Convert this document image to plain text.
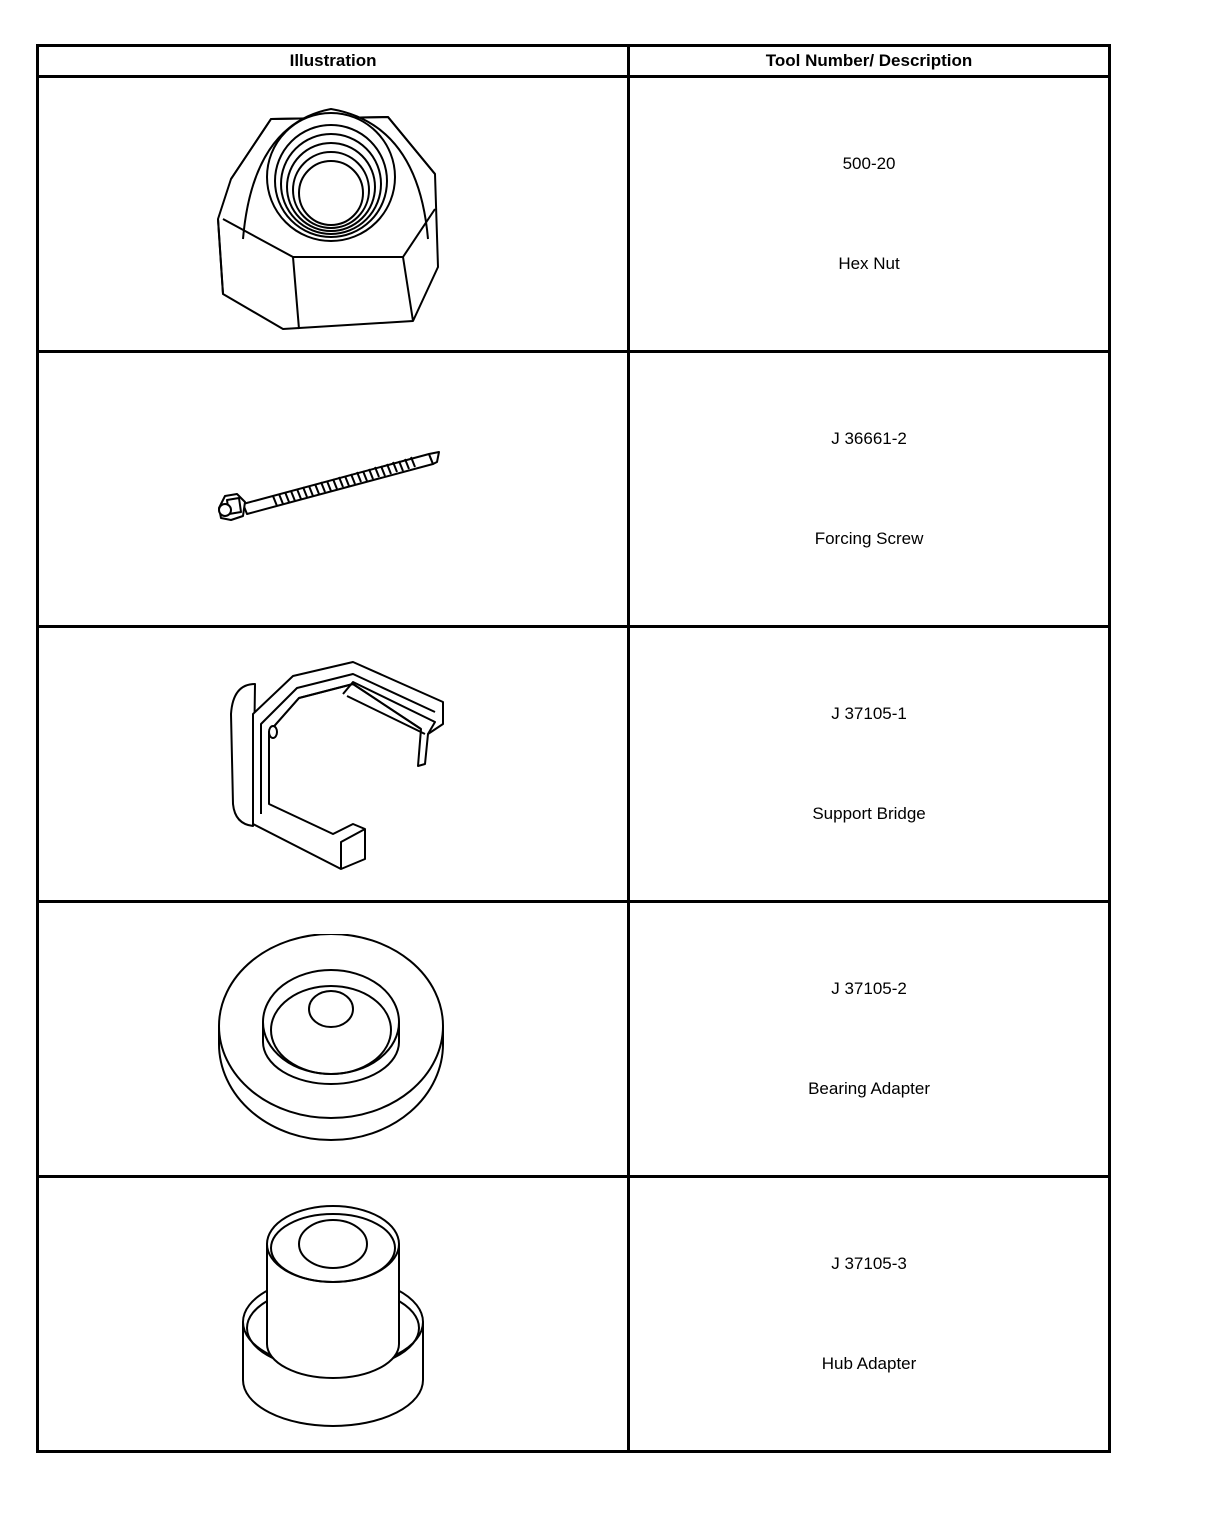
Illustration	Tool Number/ Description

500-20
Hex Nut

J 36661-2
Forcing Screw

J 37105-1
Support Bridge

J 37105-2
Bearing Adapter

J 37105-3
Hub Adapter
